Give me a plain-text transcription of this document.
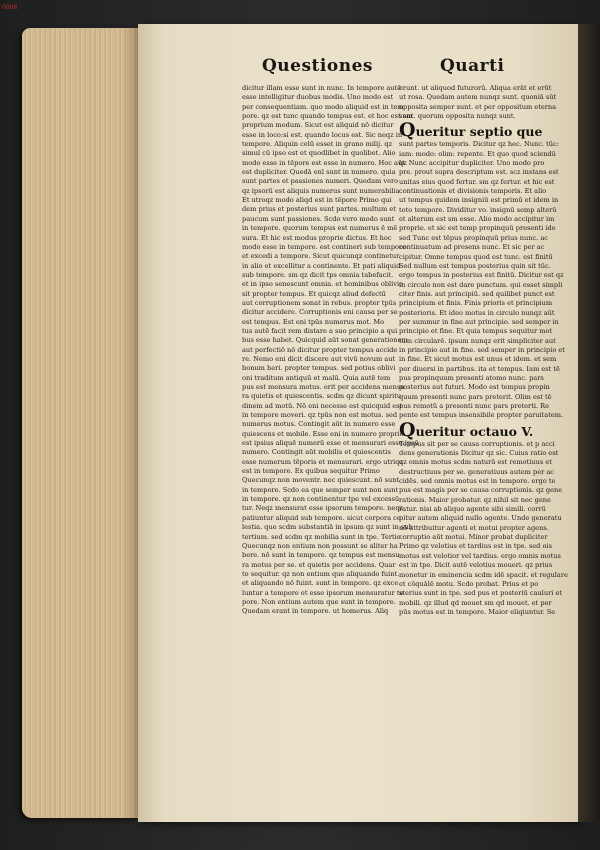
0008
Questiones	Quarti
dicitur illam esse sunt in nunc. In tempore autē
esse intelligitur duobus modis. Uno modo est
per consequentiam. quo modo aliquid est in tem
pore. qz est tunc quando tempus est. et hoc est sm
proprium modum. Sicut est aliquid nō dicitur
esse in loco:si est. quando locus est. Sic neqz in
tempore. Aliquin celū esset in grano milij. qz
simul cū ipso est et quodlibet in quolibet. Alio
modo esse in tēpore est esse in numero. Hoc aūt
est dupliciter. Quedā enī sunt in numero. quia
sunt partes et passiones numeri. Quedam vero
qz ipsorū est aliquis numerus sunt numerabilia
Et utroqz modo aliqd est in tēpore Primo qui
dem prius et posterius sunt partes. multum et
paucum sunt passiones. Scdo vero modo sunt
in tempore. quorum tempus est numerus ē mē
sura. Et hic est modus proprie dictus. Et hoc
modo esse in tempore. est contineri sub tempore
et excedi a tempore. Sicut quicunqz continetur
in alio et excellitur a continente. Et pati aliquid
sub tempore. sm qz dicit tps omnia tabefacit.
et in ipso senescunt omnia. et hominibus oblivio
sit propter tempus. Et quicqz aliud defectū
aut corruptionem sonat in rebus. propter tpūs
dicitur accidere. Corruptionis eni causa per se
est tempus. Est eni tpūs numerus mot. Mo
tus autē facit rem distare a suo principio a qui
bus esse habet. Quicquid aūt sonat generationem
aut perfectiō nō dicitur propter tempus accide
re. Nemo eni dicit discere aut vivū novum aut
bonum heri. propter tempus. sed potius oblivi
oni traditum antiquū et malū. Quia autē tem
pus est mensura motus. erit per accidens mensu
ra quietis et quiescentis. scdm qz dicunt spiritu
dinem ad motū. Nō eni necesse est quicquid est
in tempore moveri. qz tpūs non est motus. sed
numerus motus. Contingit aūt in numero esse
quiescens et mobile. Esse eni in numero proprie
est ipsius aliquē numerū esse et mensurari esse ipsū
numero. Contingit aūt mobilis et quiescentis
esse numerum tēporis et mensurari. ergo utriqz
est in tempore. Ex quibus sequitur Primo
Quecunqz non moventr. nec quiescunt. nō sunt
in tempore. Scdo ea que semper sunt non sunt
in tempore. qz non continentur tpe vel excessū
tur. Neqz mensurat esse ipsorum tempore. neqz
patiuntur aliquid sub tempore. sicut corpora ce
lestia. que scdm substantiā in ipsum qz sunt in sub
tertium. sed scdm qz mobilia sunt in tpe. Tertio
Quecunqz non entium non possunt se aliter ha
bere. nō sunt in tempore. qz tempus est mensu
ra motus per se. et quietis per accidens. Quar
to sequitur. qz non entium que aliquando fuint.
et aliquando nō fuint. sunt in tempore. qz exce
luntur a tempore et esse ipsorum mensuratur te
pore. Non entium autem que sunt in tempore.
Quedam erant in tempore. ut homerus. Aliq
erunt. ut aliquod futurorū. Aliqua erāt et erūt
ut rosa. Quedam autem nunqz sunt. quoniā sūt
opposita semper sunt. et per oppositum eterna
sunt. quorum opposita nunqz sunt.
Queritur septio que
sunt partes temporis. Dicitur qz hec. Nunc. tūc:
iam: modo: olim: repente. Et quo quod sciendū
qz Nunc accipitur dupliciter. Uno modo pro
pre. prout supra descriptum est. scz instans est
unitas eius quod fertur. sm qz fertur. et hic est
continuationis et divisionis temporis. Et alio
ut tempus quidem insigniū est primū et idem in
toto tempore. Dividitur vo. insignū semp alterū
et alterum est sm esse. Alio modo accipitur im
proprie. et sic est temp propinquū presenti ide
sed Tunc est tēpus propinquū prius nunc. ac
continuatum ad presens nunc. Et sic per ac
cipitur. Omne tempus quod est tunc. est finitū
Sed nullum est tempus posterius quin sit tūc.
ergo tempus in posterius est finitū. Dicitur est qz
in circulo non est dare punctum. qui esset simpli
citer finis. aut principiū. sed quilibet punct est
principium et finis. Finis prioris et principium
posterioris. Et ideo motus in circulo nunqz aūt
per summur in fine aut principio. sed semper in
principio et fine. Et quia tempus sequitur mot
tum circularē. ipsum nunqz erit simpliciter aut
in principio aut in fine. sed semper in principio et
in fine. Et sicut motus est unus et idem. et sem
per diuersi in partibus. ita et tempus. Iam est tē
pus propinquum presenti atomo nunc. pars
posterius aut futuri. Modo est tempus propin
quum presenti nunc pars preterit. Olim est tē
pus remotū a presenti nunc pars preterti. Re
pente est tempus insensibile propter paruitatem.
Queritur octauo V.
Tempus sit per se causa corruptionis. et p acci
dens generationis Dicitur qz sic. Cuius ratio est
qz omnis motus scdm naturā est remotiuus et
destructiuus per se. generatiuus autem per ac
cidēs. sed omnis motus est in tempore. ergo te
pus est magis per se causa corruptionis. qz gene
rationis. Maior probatur. qz nihil sit nec gene
ratur. nisi ab aliquo agente sibi simili. corrū
pitur autem aliquid nullo agente. Unde generatu
nō attribuitur agenti et motui propter agens.
corruptio aūt motui. Minor probat dupliciter
Primo qz velotius et tardius est in tpe. sed ois
motus est velotior vel tardius. ergo omnis motus
est in tpe. Dicit autē velotius moueri. qz prius
monetur in eminencia scdm idē spacit. et regulare
et cōquālē motu. Scdo probat. Prius et po
sterius sunt in tpe. sed pus et posteriū cauluri et
mobili. qz illud qd mouet sm qd mouet. et per
pūs motus est in tempore. Maior eliqiuntur. Se
